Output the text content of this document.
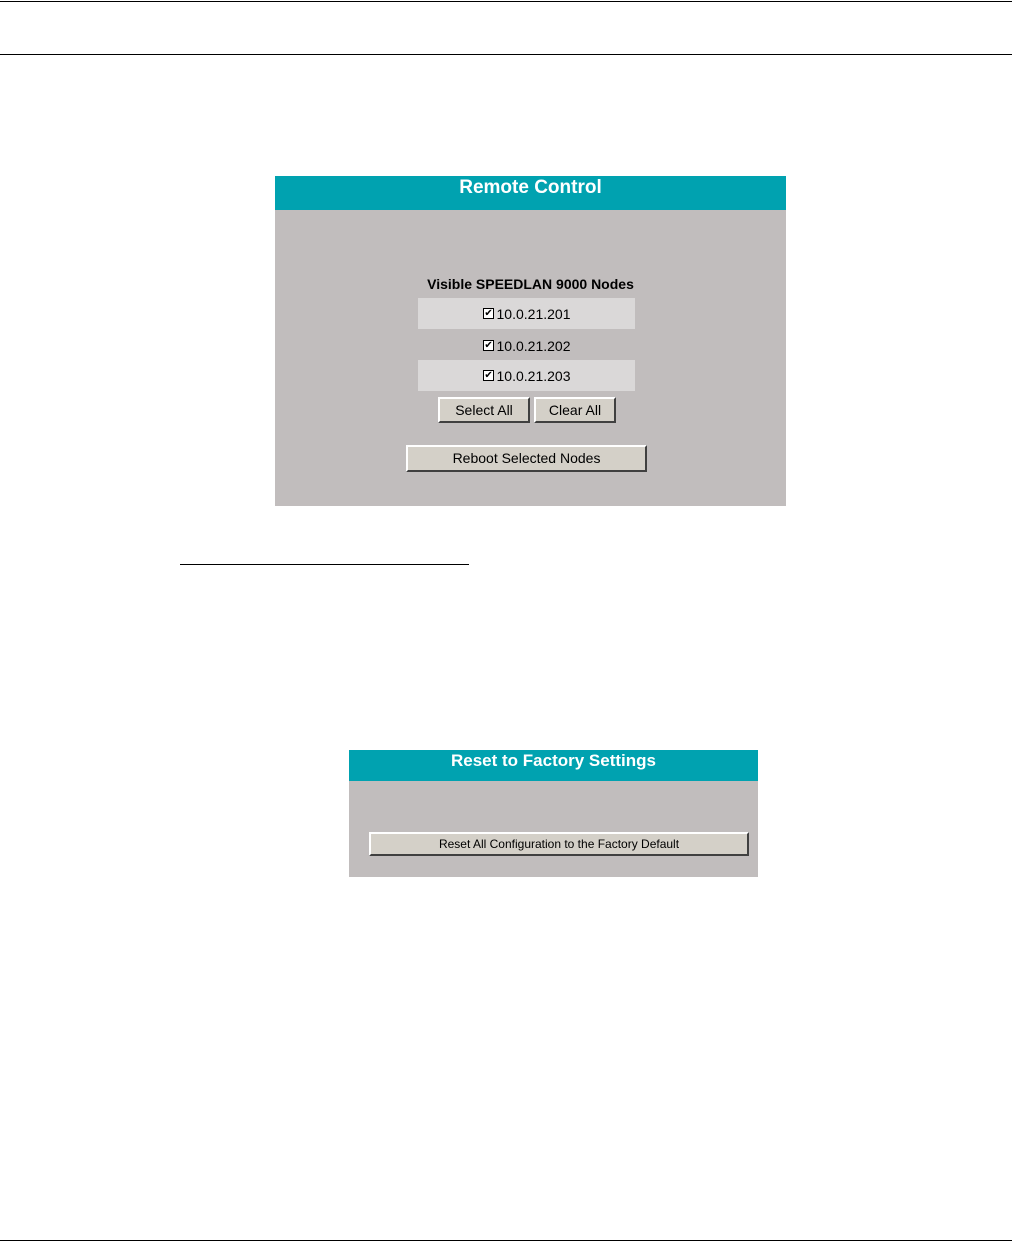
Remote Control
Visible SPEEDLAN 9000 Nodes
✔
10.0.21.201
✔
10.0.21.202
✔
10.0.21.203
Select All	Clear All
Reboot Selected Nodes
Reset to Factory Settings
Reset All Configuration to the Factory Default
